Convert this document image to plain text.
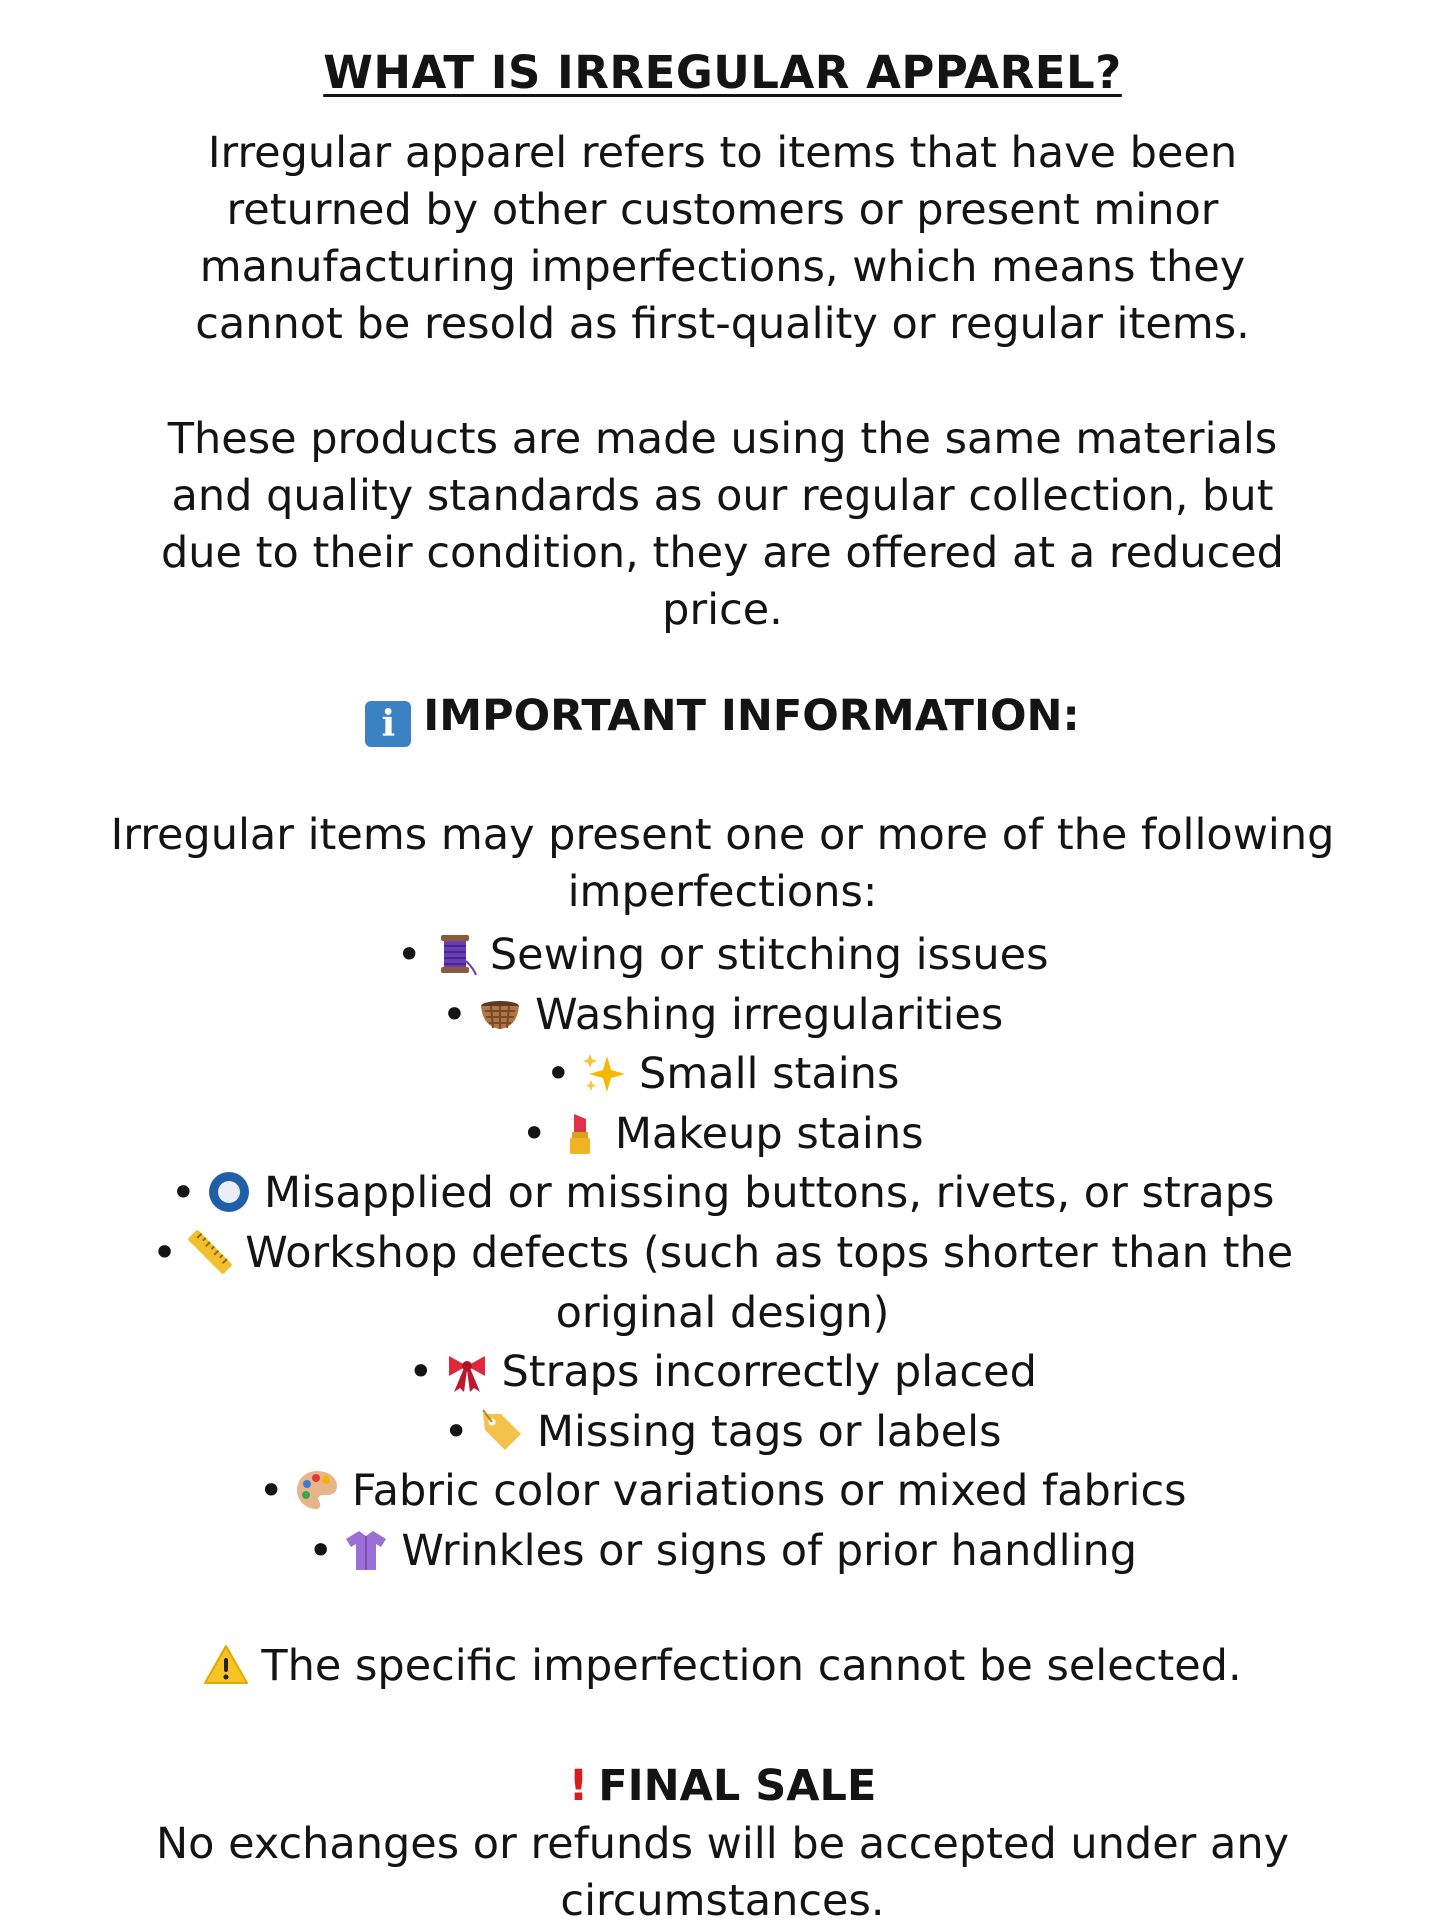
WHAT IS IRREGULAR APPAREL?

Irregular apparel refers to items that have been
returned by other customers or present minor
manufacturing imperfections, which means they
cannot be resold as first-quality or regular items.

These products are made using the same materials
and quality standards as our regular collection, but
due to their condition, they are offered at a reduced
price.

i IMPORTANT INFORMATION:

Irregular items may present one or more of the following
imperfections:

• Sewing or stitching issues
• Washing irregularities
• Small stains
• Makeup stains
• Misapplied or missing buttons, rivets, or straps
• Workshop defects (such as tops shorter than the
original design)
• Straps incorrectly placed
• Missing tags or labels
• Fabric color variations or mixed fabrics
• Wrinkles or signs of prior handling
The specific imperfection cannot be selected.
! FINAL SALE

No exchanges or refunds will be accepted under any
circumstances.
